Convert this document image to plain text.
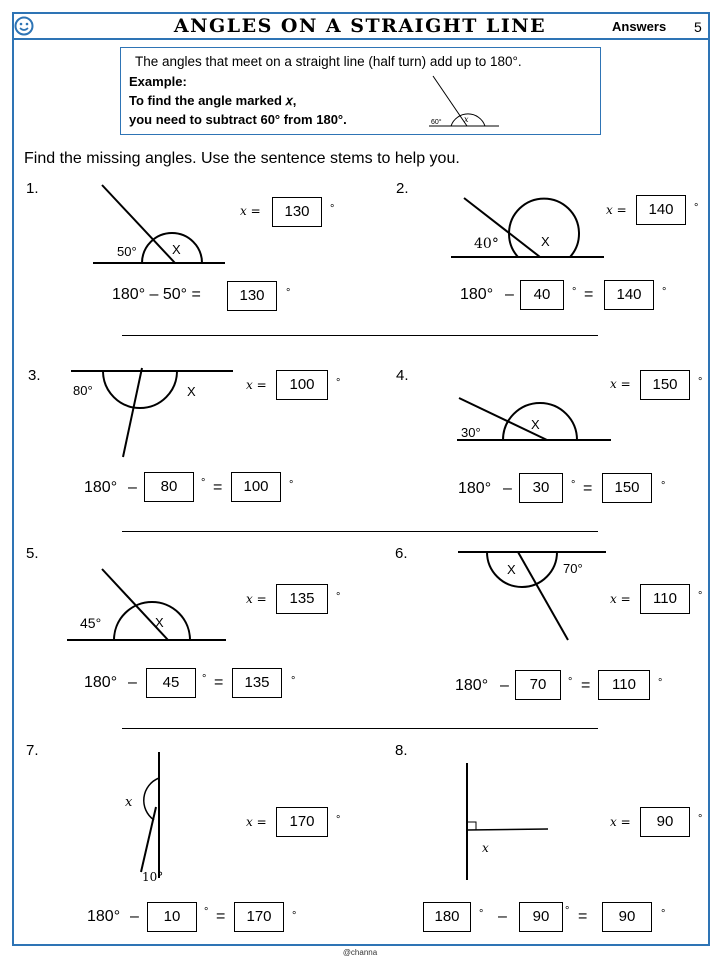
ANGLES ON A STRAIGHT LINE	Answers 5
The angles that meet on a straight line (half turn) add up to 180°.
Example:
To find the angle marked 𝑥,
you need to subtract 60° from 180°.	60°	x
Find the missing angles. Use the sentence stems to help you.
1.
50°	X
𝑥 =	130	°
180° – 50° =	130	°
2.
40°	X
𝑥 =	140	°
180° –	40	° =	140	°
3.
80°	X	𝑥 =	100	°
180° –	80	° =	100	°
4.
30°
X
𝑥 =	150	°
180° –	30	° =	150	°
5.
45°	X
𝑥 =	135	°
180° –	45	° =	135	°
6.
X	70°
𝑥 =	110	°
180° –	70	° =	110	°
7.
x
10°
𝑥 =	170	°
180° –	10	° =	170	°
8.
x
𝑥 =	90	°
180	° –	90	° =	90	°
@channa
